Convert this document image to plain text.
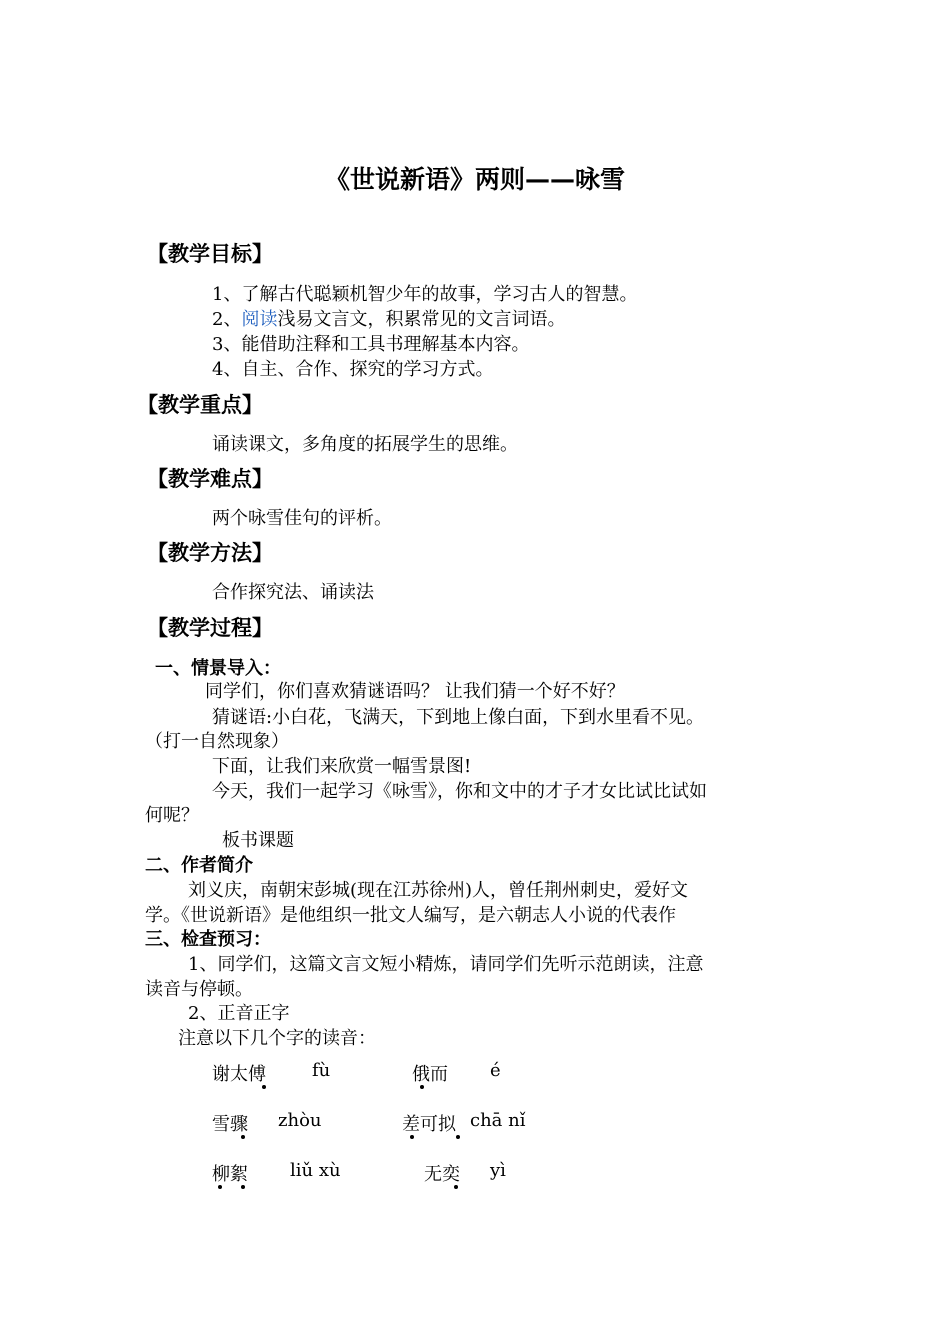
《世说新语》两则——咏雪
【教学目标】
1、了解古代聪颖机智少年的故事，学习古人的智慧。
2、阅读浅易文言文，积累常见的文言词语。
3、能借助注释和工具书理解基本内容。
4、自主、合作、探究的学习方式。
【教学重点】
诵读课文，多角度的拓展学生的思维。
【教学难点】
两个咏雪佳句的评析。
【教学方法】
合作探究法、诵读法
【教学过程】
一、情景导入：
同学们，你们喜欢猜谜语吗？ 让我们猜一个好不好？
猜谜语:小白花，飞满天，下到地上像白面，下到水里看不见。
（打一自然现象）
下面，让我们来欣赏一幅雪景图!
今天，我们一起学习《咏雪》，你和文中的才子才女比试比试如
何呢？
板书课题
二、作者简介
刘义庆，南朝宋彭城(现在江苏徐州)人，曾任荆州刺史，爱好文
学。《世说新语》是他组织一批文人编写，是六朝志人小说的代表作
三、检查预习：
1、同学们，这篇文言文短小精炼，请同学们先听示范朗读，注意
读音与停顿。
2、正音正字
注意以下几个字的读音：
谢太傅	fù	俄而 é
雪骤 zhòu	差可拟 chā nǐ
柳絮 liǔ xù	无奕 yì
